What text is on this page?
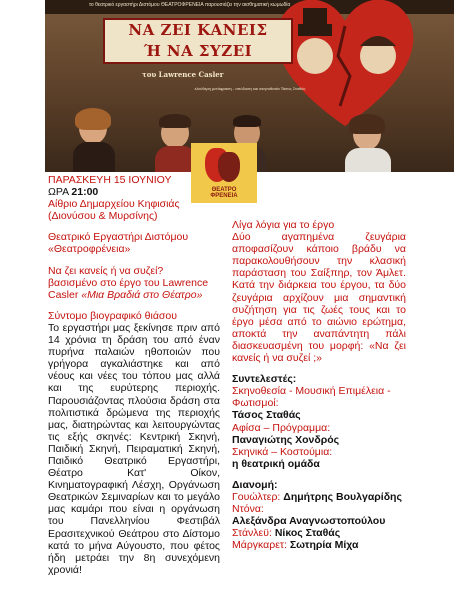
το θεατρικό εργαστήρι Διστόμου ΘΕΑΤΡΟΦΡΕΝΕΙΑ παρουσιάζει την αισθηματική κωμωδία
ΝΑ ΖΕΙ ΚΑΝΕΙΣ
Ή ΝΑ ΣΥΖΕΙ
του Lawrence Casler
ελεύθερη μετάφραση - απόδοση και σκηνοθεσία Τάσος Σταθάς
ΘΕΑΤΡΟ
ΦΡΕΝΕΙΑ

ΠΑΡΑΣΚΕΥΗ 15 ΙΟΥΝΙΟΥ

ΩΡΑ 21:00

Αίθριο Δημαρχείου Κηφισιάς

(Διονύσου & Μυρσίνης)

Θεατρικό Εργαστήρι Διστόμου

«Θεατροφρένεια»

Να ζει κανείς ή να συζεί?

βασισμένο στο έργο του Lawrence Casler «Μια Βραδιά στο Θέατρο»

Σύντομο βιογραφικό θιάσου

Το εργαστήρι μας ξεκίνησε πριν από 14 χρόνια τη δράση του από έναν πυρήνα παλαιών ηθοποιών που γρήγορα αγκαλιάστηκε και από νέους και νέες του τόπου μας αλλά και της ευρύτερης περιοχής. Παρουσιάζοντας πλούσια δράση στα πολιτιστικά δρώμενα της περιοχής μας, διατηρώντας και λειτουργώντας τις εξής σκηνές: Κεντρική Σκηνή, Παιδική Σκηνή, Πειραματική Σκηνή, Παιδικό Θεατρικό Εργαστήρι, Θέατρο Κατ' Οίκον, Κινηματογραφική Λέσχη, Οργάνωση Θεατρικών Σεμιναρίων και το μεγάλο μας καμάρι που είναι η οργάνωση του Πανελληνίου Φεστιβάλ Ερασιτεχνικού Θεάτρου στο Δίστομο κατά το μήνα Αύγουστο, που φέτος ήδη μετράει την 8η συνεχόμενη χρονιά!

Λίγα λόγια για το έργο

Δύο αγαπημένα ζευγάρια αποφασίζουν κάποιο βράδυ να παρακολουθήσουν την κλασική παράσταση του Σαίξπηρ, τον Άμλετ. Κατά την διάρκεια του έργου, τα δύο ζευγάρια αρχίζουν μια σημαντική συζήτηση για τις ζωές τους και το έργο μέσα από το αιώνιο ερώτημα, αποκτά την αναπάντητη πάλι διασκευασμένη του μορφή: «Να ζει κανείς ή να συζεί ;»

Συντελεστές:

Σκηνοθεσία - Μουσική Επιμέλεια - Φωτισμοί:

Τάσος Σταθάς

Αφίσα – Πρόγραμμα:
Παναγιώτης Χονδρός

Σκηνικά – Κοστούμια:

η θεατρική ομάδα

Διανομή:

Γουώλτερ: Δημήτρης Βουλγαρίδης

Ντόνα:

Αλεξάνδρα Αναγνωστοπούλου

Στάνλεϋ: Νίκος Σταθάς

Μάργκαρετ: Σωτηρία Μίχα
